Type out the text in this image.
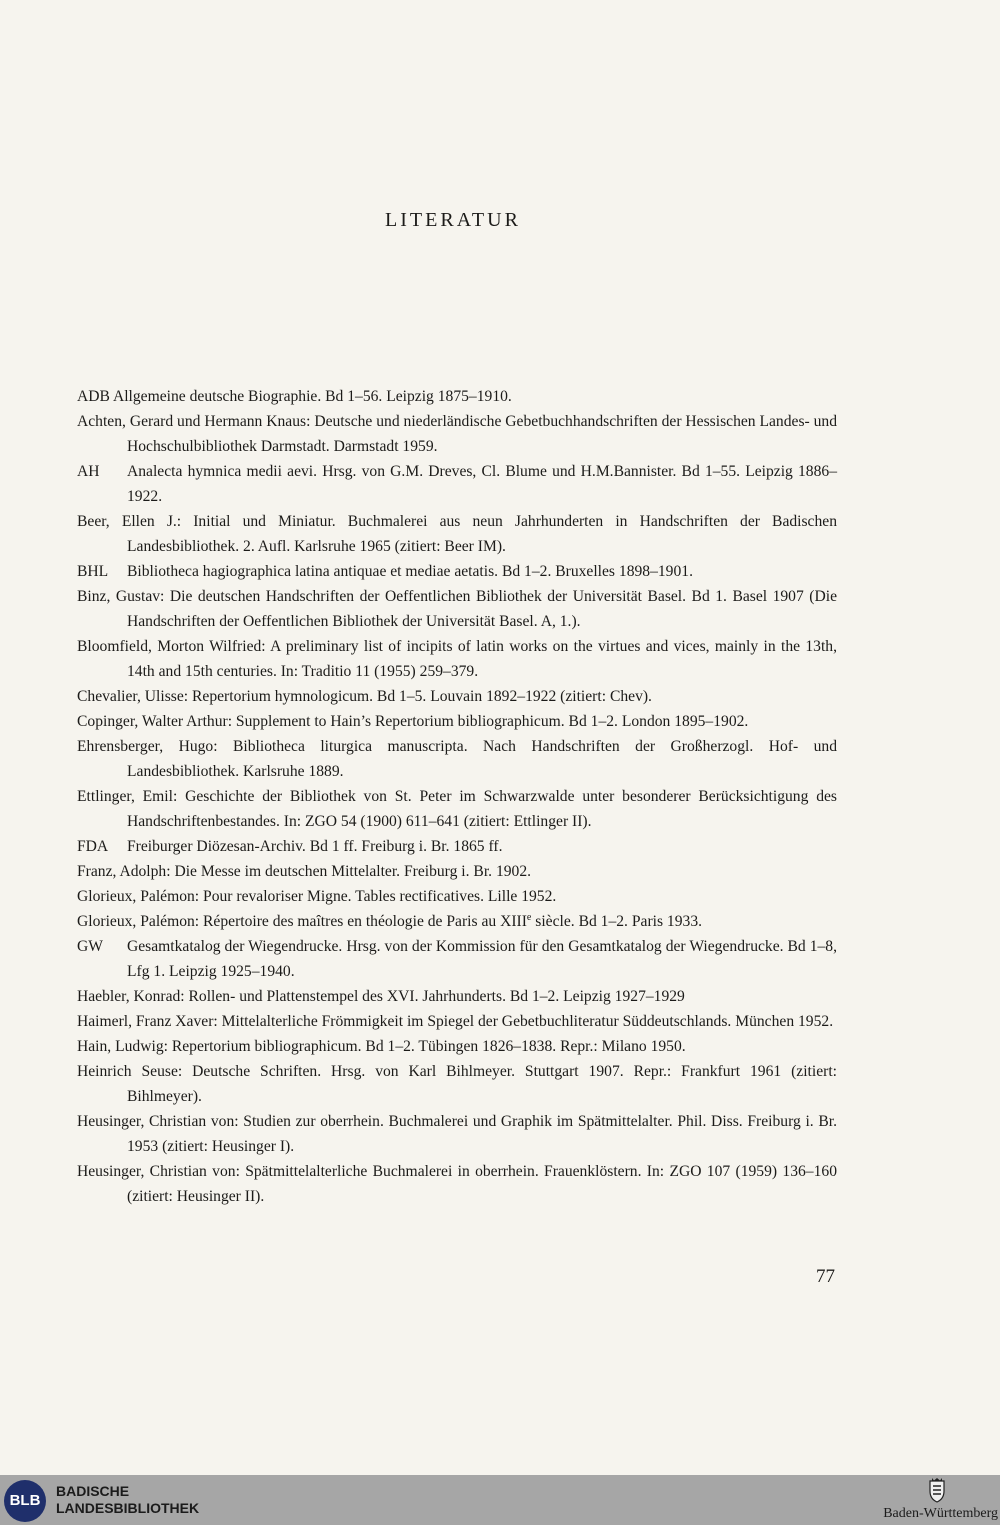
LITERATUR
ADB Allgemeine deutsche Biographie. Bd 1–56. Leipzig 1875–1910.
Achten, Gerard und Hermann Knaus: Deutsche und niederländische Gebetbuchhandschriften der Hessischen Landes- und Hochschulbibliothek Darmstadt. Darmstadt 1959.
AH Analecta hymnica medii aevi. Hrsg. von G.M. Dreves, Cl. Blume und H.M.Bannister. Bd 1–55. Leipzig 1886–1922.
Beer, Ellen J.: Initial und Miniatur. Buchmalerei aus neun Jahrhunderten in Handschriften der Badischen Landesbibliothek. 2. Aufl. Karlsruhe 1965 (zitiert: Beer IM).
BHL Bibliotheca hagiographica latina antiquae et mediae aetatis. Bd 1–2. Bruxelles 1898–1901.
Binz, Gustav: Die deutschen Handschriften der Oeffentlichen Bibliothek der Universität Basel. Bd 1. Basel 1907 (Die Handschriften der Oeffentlichen Bibliothek der Universität Basel. A, 1.).
Bloomfield, Morton Wilfried: A preliminary list of incipits of latin works on the virtues and vices, mainly in the 13th, 14th and 15th centuries. In: Traditio 11 (1955) 259–379.
Chevalier, Ulisse: Repertorium hymnologicum. Bd 1–5. Louvain 1892–1922 (zitiert: Chev).
Copinger, Walter Arthur: Supplement to Hain’s Repertorium bibliographicum. Bd 1–2. London 1895–1902.
Ehrensberger, Hugo: Bibliotheca liturgica manuscripta. Nach Handschriften der Großherzogl. Hof- und Landesbibliothek. Karlsruhe 1889.
Ettlinger, Emil: Geschichte der Bibliothek von St. Peter im Schwarzwalde unter besonderer Berücksichtigung des Handschriftenbestandes. In: ZGO 54 (1900) 611–641 (zitiert: Ettlinger II).
FDA Freiburger Diözesan-Archiv. Bd 1 ff. Freiburg i. Br. 1865 ff.
Franz, Adolph: Die Messe im deutschen Mittelalter. Freiburg i. Br. 1902.
Glorieux, Palémon: Pour revaloriser Migne. Tables rectificatives. Lille 1952.
Glorieux, Palémon: Répertoire des maîtres en théologie de Paris au XIIIe siècle. Bd 1–2. Paris 1933.
GW Gesamtkatalog der Wiegendrucke. Hrsg. von der Kommission für den Gesamtkatalog der Wiegendrucke. Bd 1–8, Lfg 1. Leipzig 1925–1940.
Haebler, Konrad: Rollen- und Plattenstempel des XVI. Jahrhunderts. Bd 1–2. Leipzig 1927–1929
Haimerl, Franz Xaver: Mittelalterliche Frömmigkeit im Spiegel der Gebetbuchliteratur Süddeutschlands. München 1952.
Hain, Ludwig: Repertorium bibliographicum. Bd 1–2. Tübingen 1826–1838. Repr.: Milano 1950.
Heinrich Seuse: Deutsche Schriften. Hrsg. von Karl Bihlmeyer. Stuttgart 1907. Repr.: Frankfurt 1961 (zitiert: Bihlmeyer).
Heusinger, Christian von: Studien zur oberrhein. Buchmalerei und Graphik im Spätmittelalter. Phil. Diss. Freiburg i. Br. 1953 (zitiert: Heusinger I).
Heusinger, Christian von: Spätmittelalterliche Buchmalerei in oberrhein. Frauenklöstern. In: ZGO 107 (1959) 136–160 (zitiert: Heusinger II).
77
BLB
BADISCHE
LANDESBIBLIOTHEK	Baden-Württemberg
